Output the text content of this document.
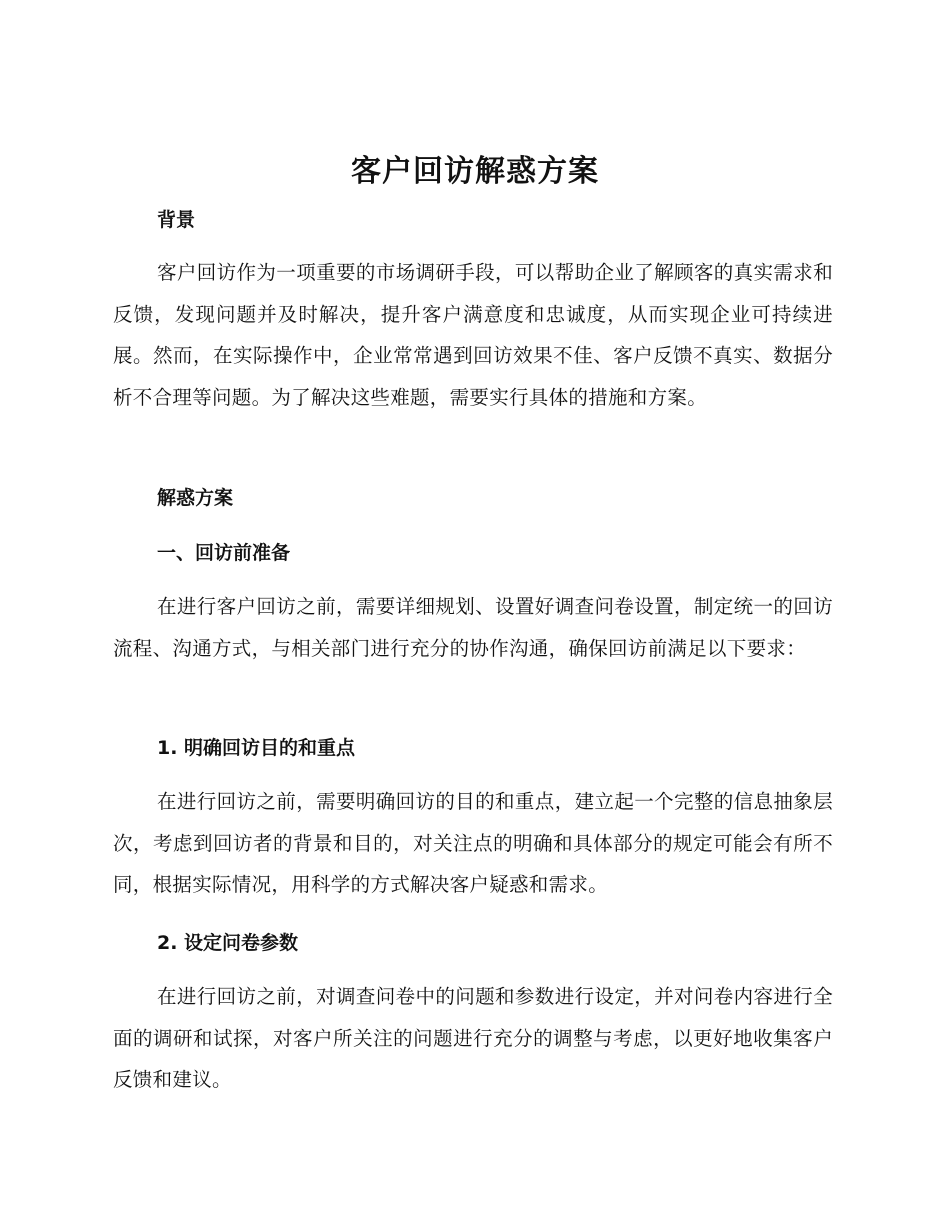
客户回访解惑方案
背景

客户回访作为一项重要的市场调研手段，可以帮助企业了解顾客的真实需求和反馈，发现问题并及时解决，提升客户满意度和忠诚度，从而实现企业可持续进展。然而，在实际操作中，企业常常遇到回访效果不佳、客户反馈不真实、数据分析不合理等问题。为了解决这些难题，需要实行具体的措施和方案。

解惑方案
一、回访前准备

在进行客户回访之前，需要详细规划、设置好调查问卷设置，制定统一的回访流程、沟通方式，与相关部门进行充分的协作沟通，确保回访前满足以下要求：

1. 明确回访目的和重点

在进行回访之前，需要明确回访的目的和重点，建立起一个完整的信息抽象层次，考虑到回访者的背景和目的，对关注点的明确和具体部分的规定可能会有所不同，根据实际情况，用科学的方式解决客户疑惑和需求。

2. 设定问卷参数

在进行回访之前，对调查问卷中的问题和参数进行设定，并对问卷内容进行全面的调研和试探，对客户所关注的问题进行充分的调整与考虑，以更好地收集客户反馈和建议。
